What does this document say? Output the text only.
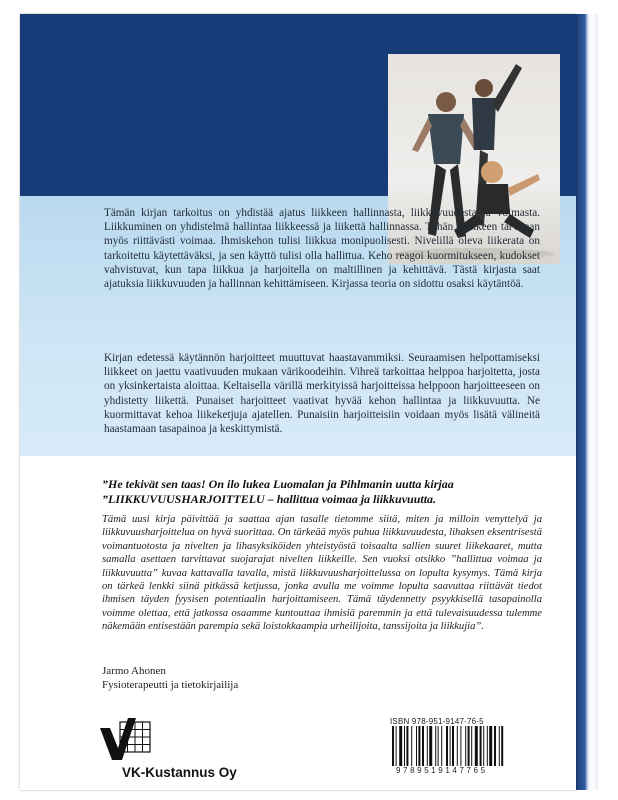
Tämän kirjan tarkoitus on yhdistää ajatus liikkeen hallinnasta, liikkuvuudesta ja voimasta. Liikkuminen on yhdistelmä hallintaa liikkeessä ja liikettä hallinnassa. Tähän kaikkeen tarvitaan myös riittävästi voimaa. Ihmiskehon tulisi liikkua monipuolisesti. Nivelillä oleva liikerata on tarkoitettu käytettäväksi, ja sen käyttö tulisi olla hallittua. Keho reagoi kuormitukseen, kudokset vahvistuvat, kun tapa liikkua ja harjoitella on maltillinen ja kehittävä. Tästä kirjasta saat ajatuksia liikkuvuuden ja hallinnan kehittämiseen. Kirjassa teoria on sidottu osaksi käytäntöä.

Kirjan edetessä käytännön harjoitteet muuttuvat haastavammiksi. Seuraamisen helpottamiseksi liikkeet on jaettu vaativuuden mukaan värikoodeihin. Vihreä tarkoittaa helppoa harjoitetta, josta on yksinkertaista aloittaa. Keltaisella värillä merkityissä harjoitteissa helppoon harjoitteeseen on yhdistetty liikettä. Punaiset harjoitteet vaativat hyvää kehon hallintaa ja liikkuvuutta. Ne kuormittavat kehoa liikeketjuja ajatellen. Punaisiin harjoitteisiin voidaan myös lisätä välineitä haastamaan tasapainoa ja keskittymistä.

”He tekivät sen taas! On ilo lukea Luomalan ja Pihlmanin uutta kirjaa ”LIIKKUVUUSHARJOITTELU – hallittua voimaa ja liikkuvuutta.

Tämä uusi kirja päivittää ja saattaa ajan tasalle tietomme siitä, miten ja milloin venyttelyä ja liikkuvuusharjoittelua on hyvä suorittaa. On tärkeää myös puhua liikkuvuudesta, lihaksen eksentrisestä voimantuotosta ja nivelten ja lihasyksiköiden yhteistyöstä toisaalta sallien suuret liikekaaret, mutta samalla asettaen tarvittavat suojarajat nivelten liikkeille. Sen vuoksi otsikko ”hallittua voimaa ja liikkuvuutta” kuvaa kattavalla tavalla, mistä liikkuvuusharjoittelussa on lopulta kysymys. Tämä kirja on tärkeä lenkki siinä pitkässä ketjussa, jonka avulla me voimme lopulta saavuttaa riittävät tiedot ihmisen täyden fyysisen potentiaalin harjoittamiseen. Tämä täydennetty psyykkisellä tasapainolla voimme olettaa, että jatkossa osaamme kuntouttaa ihmisiä paremmin ja että tulevaisuudessa tulemme näkemään entisestään parempia sekä loistokkaampia urheilijoita, tanssijoita ja liikkujia”.

Jarmo Ahonen
Fysioterapeutti ja tietokirjailija
VK-Kustannus Oy
ISBN 978-951-9147-76-5
9789519147765
